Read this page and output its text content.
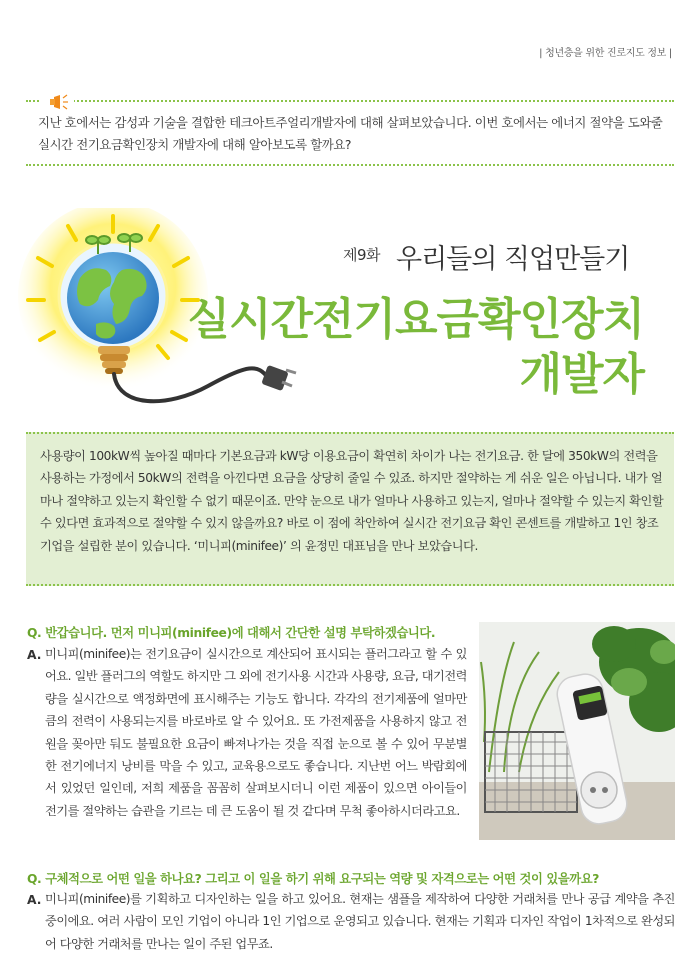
| 청년층을 위한 진로지도 정보 |
지난 호에서는 감성과 기술을 결합한 테크아트주얼리개발자에 대해 살펴보았습니다. 이번 호에서는 에너지 절약을 도와줄 실시간 전기요금확인장치 개발자에 대해 알아보도록 할까요?
제9화 우리들의 직업만들기
실시간전기요금확인장치
개발자
사용량이 100kW씩 높아질 때마다 기본요금과 kW당 이용요금이 확연히 차이가 나는 전기요금. 한 달에 350kW의 전력을 사용하는 가정에서 50kW의 전력을 아낀다면 요금을 상당히 줄일 수 있죠. 하지만 절약하는 게 쉬운 일은 아닙니다. 내가 얼마나 절약하고 있는지 확인할 수 없기 때문이죠. 만약 눈으로 내가 얼마나 사용하고 있는지, 얼마나 절약할 수 있는지 확인할 수 있다면 효과적으로 절약할 수 있지 않을까요? 바로 이 점에 착안하여 실시간 전기요금 확인 콘센트를 개발하고 1인 창조기업을 설립한 분이 있습니다. ‘미니피(minifee)’ 의 윤정민 대표님을 만나 보았습니다.
Q. 반갑습니다. 먼저 미니피(minifee)에 대해서 간단한 설명 부탁하겠습니다.
A. 미니피(minifee)는 전기요금이 실시간으로 계산되어 표시되는 플러그라고 할 수 있어요. 일반 플러그의 역할도 하지만 그 외에 전기사용 시간과 사용량, 요금, 대기전력량을 실시간으로 액정화면에 표시해주는 기능도 합니다. 각각의 전기제품에 얼마만큼의 전력이 사용되는지를 바로바로 알 수 있어요. 또 가전제품을 사용하지 않고 전원을 꽂아만 둬도 불필요한 요금이 빠져나가는 것을 직접 눈으로 볼 수 있어 무분별한 전기에너지 낭비를 막을 수 있고, 교육용으로도 좋습니다. 지난번 어느 박람회에서 있었던 일인데, 저희 제품을 꼼꼼히 살펴보시더니 이런 제품이 있으면 아이들이 전기를 절약하는 습관을 기르는 데 큰 도움이 될 것 같다며 무척 좋아하시더라고요.
Q. 구체적으로 어떤 일을 하나요? 그리고 이 일을 하기 위해 요구되는 역량 및 자격으로는 어떤 것이 있을까요?
A. 미니피(minifee)를 기획하고 디자인하는 일을 하고 있어요. 현재는 샘플을 제작하여 다양한 거래처를 만나 공급 계약을 추진 중이에요. 여러 사람이 모인 기업이 아니라 1인 기업으로 운영되고 있습니다. 현재는 기획과 디자인 작업이 1차적으로 완성되어 다양한 거래처를 만나는 일이 주된 업무죠.
